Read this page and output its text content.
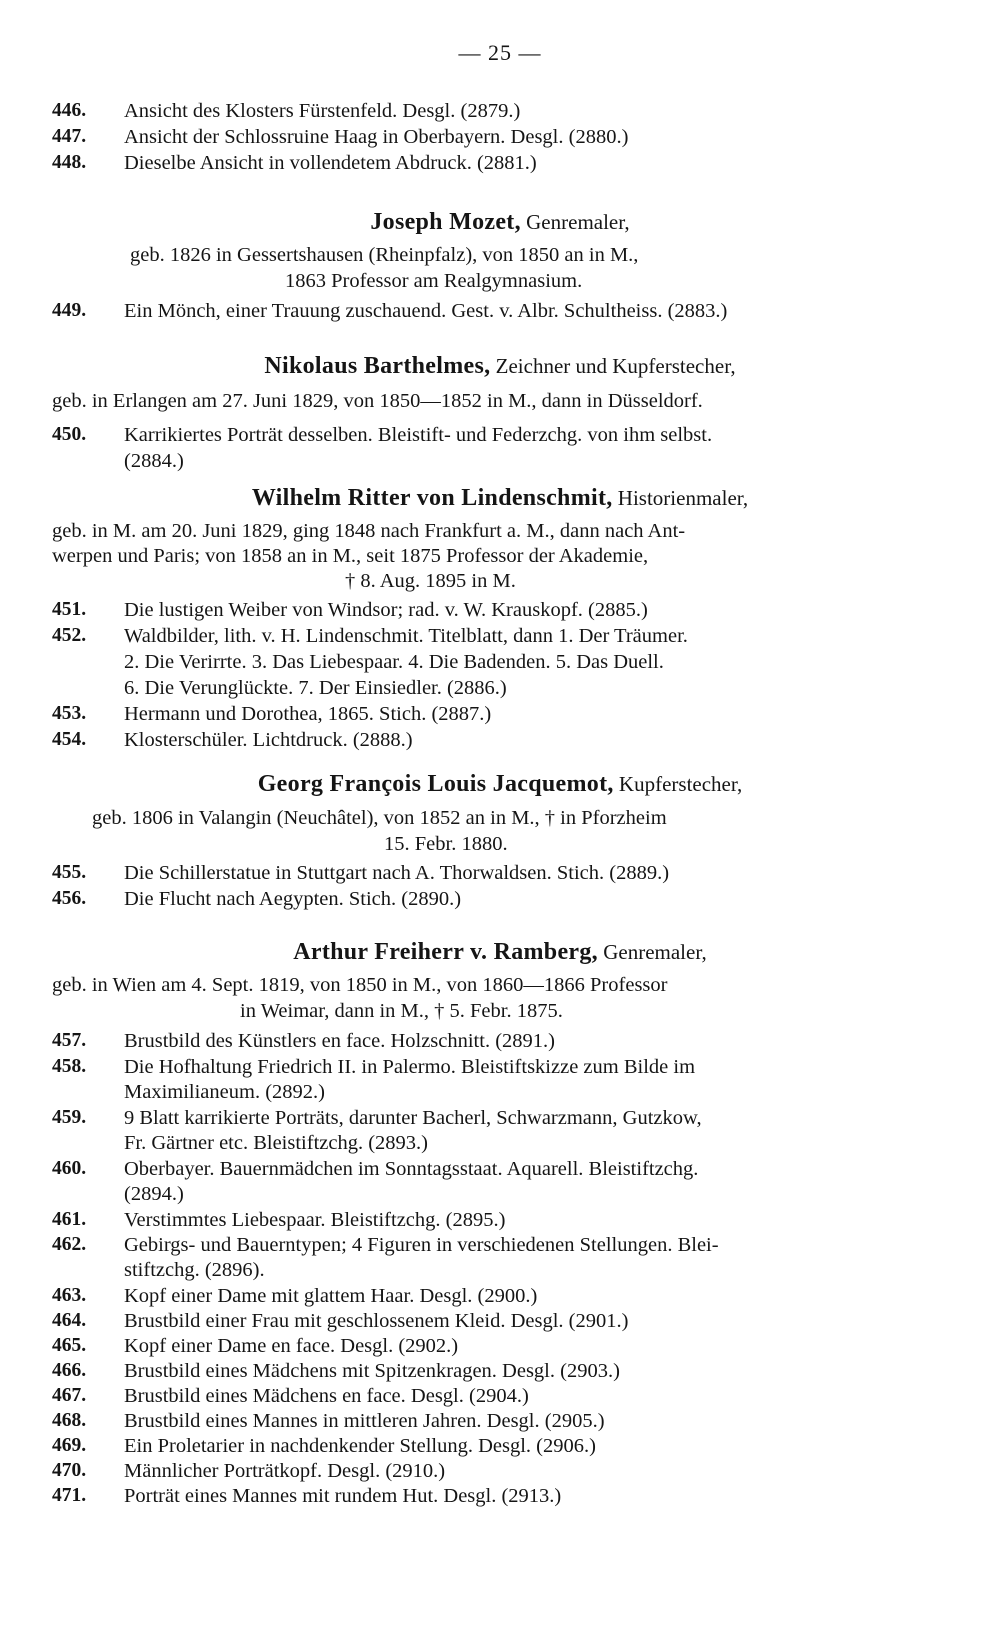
— 25 —
446. Ansicht des Klosters Fürstenfeld. Desgl. (2879.)
447. Ansicht der Schlossruine Haag in Oberbayern. Desgl. (2880.)
448. Dieselbe Ansicht in vollendetem Abdruck. (2881.)
Joseph Mozet, Genremaler,
geb. 1826 in Gessertshausen (Rheinpfalz), von 1850 an in M.,
1863 Professor am Realgymnasium.
449. Ein Mönch, einer Trauung zuschauend. Gest. v. Albr. Schultheiss. (2883.)
Nikolaus Barthelmes, Zeichner und Kupferstecher,
geb. in Erlangen am 27. Juni 1829, von 1850—1852 in M., dann in Düsseldorf.
450. Karrikiertes Porträt desselben. Bleistift- und Federzchg. von ihm selbst.
(2884.)
Wilhelm Ritter von Lindenschmit, Historienmaler,
geb. in M. am 20. Juni 1829, ging 1848 nach Frankfurt a. M., dann nach Ant-
werpen und Paris; von 1858 an in M., seit 1875 Professor der Akademie,
† 8. Aug. 1895 in M.
451. Die lustigen Weiber von Windsor; rad. v. W. Krauskopf. (2885.)
452. Waldbilder, lith. v. H. Lindenschmit. Titelblatt, dann 1. Der Träumer.
2. Die Verirrte. 3. Das Liebespaar. 4. Die Badenden. 5. Das Duell.
6. Die Verunglückte. 7. Der Einsiedler. (2886.)
453. Hermann und Dorothea, 1865. Stich. (2887.)
454. Klosterschüler. Lichtdruck. (2888.)
Georg François Louis Jacquemot, Kupferstecher,
geb. 1806 in Valangin (Neuchâtel), von 1852 an in M., † in Pforzheim
15. Febr. 1880.
455. Die Schillerstatue in Stuttgart nach A. Thorwaldsen. Stich. (2889.)
456. Die Flucht nach Aegypten. Stich. (2890.)
Arthur Freiherr v. Ramberg, Genremaler,
geb. in Wien am 4. Sept. 1819, von 1850 in M., von 1860—1866 Professor
in Weimar, dann in M., † 5. Febr. 1875.
457. Brustbild des Künstlers en face. Holzschnitt. (2891.)
458. Die Hofhaltung Friedrich II. in Palermo. Bleistiftskizze zum Bilde im
Maximilianeum. (2892.)
459. 9 Blatt karrikierte Porträts, darunter Bacherl, Schwarzmann, Gutzkow,
Fr. Gärtner etc. Bleistiftzchg. (2893.)
460. Oberbayer. Bauernmädchen im Sonntagsstaat. Aquarell. Bleistiftzchg.
(2894.)
461. Verstimmtes Liebespaar. Bleistiftzchg. (2895.)
462. Gebirgs- und Bauerntypen; 4 Figuren in verschiedenen Stellungen. Blei-
stiftzchg. (2896).
463. Kopf einer Dame mit glattem Haar. Desgl. (2900.)
464. Brustbild einer Frau mit geschlossenem Kleid. Desgl. (2901.)
465. Kopf einer Dame en face. Desgl. (2902.)
466. Brustbild eines Mädchens mit Spitzenkragen. Desgl. (2903.)
467. Brustbild eines Mädchens en face. Desgl. (2904.)
468. Brustbild eines Mannes in mittleren Jahren. Desgl. (2905.)
469. Ein Proletarier in nachdenkender Stellung. Desgl. (2906.)
470. Männlicher Porträtkopf. Desgl. (2910.)
471. Porträt eines Mannes mit rundem Hut. Desgl. (2913.)
